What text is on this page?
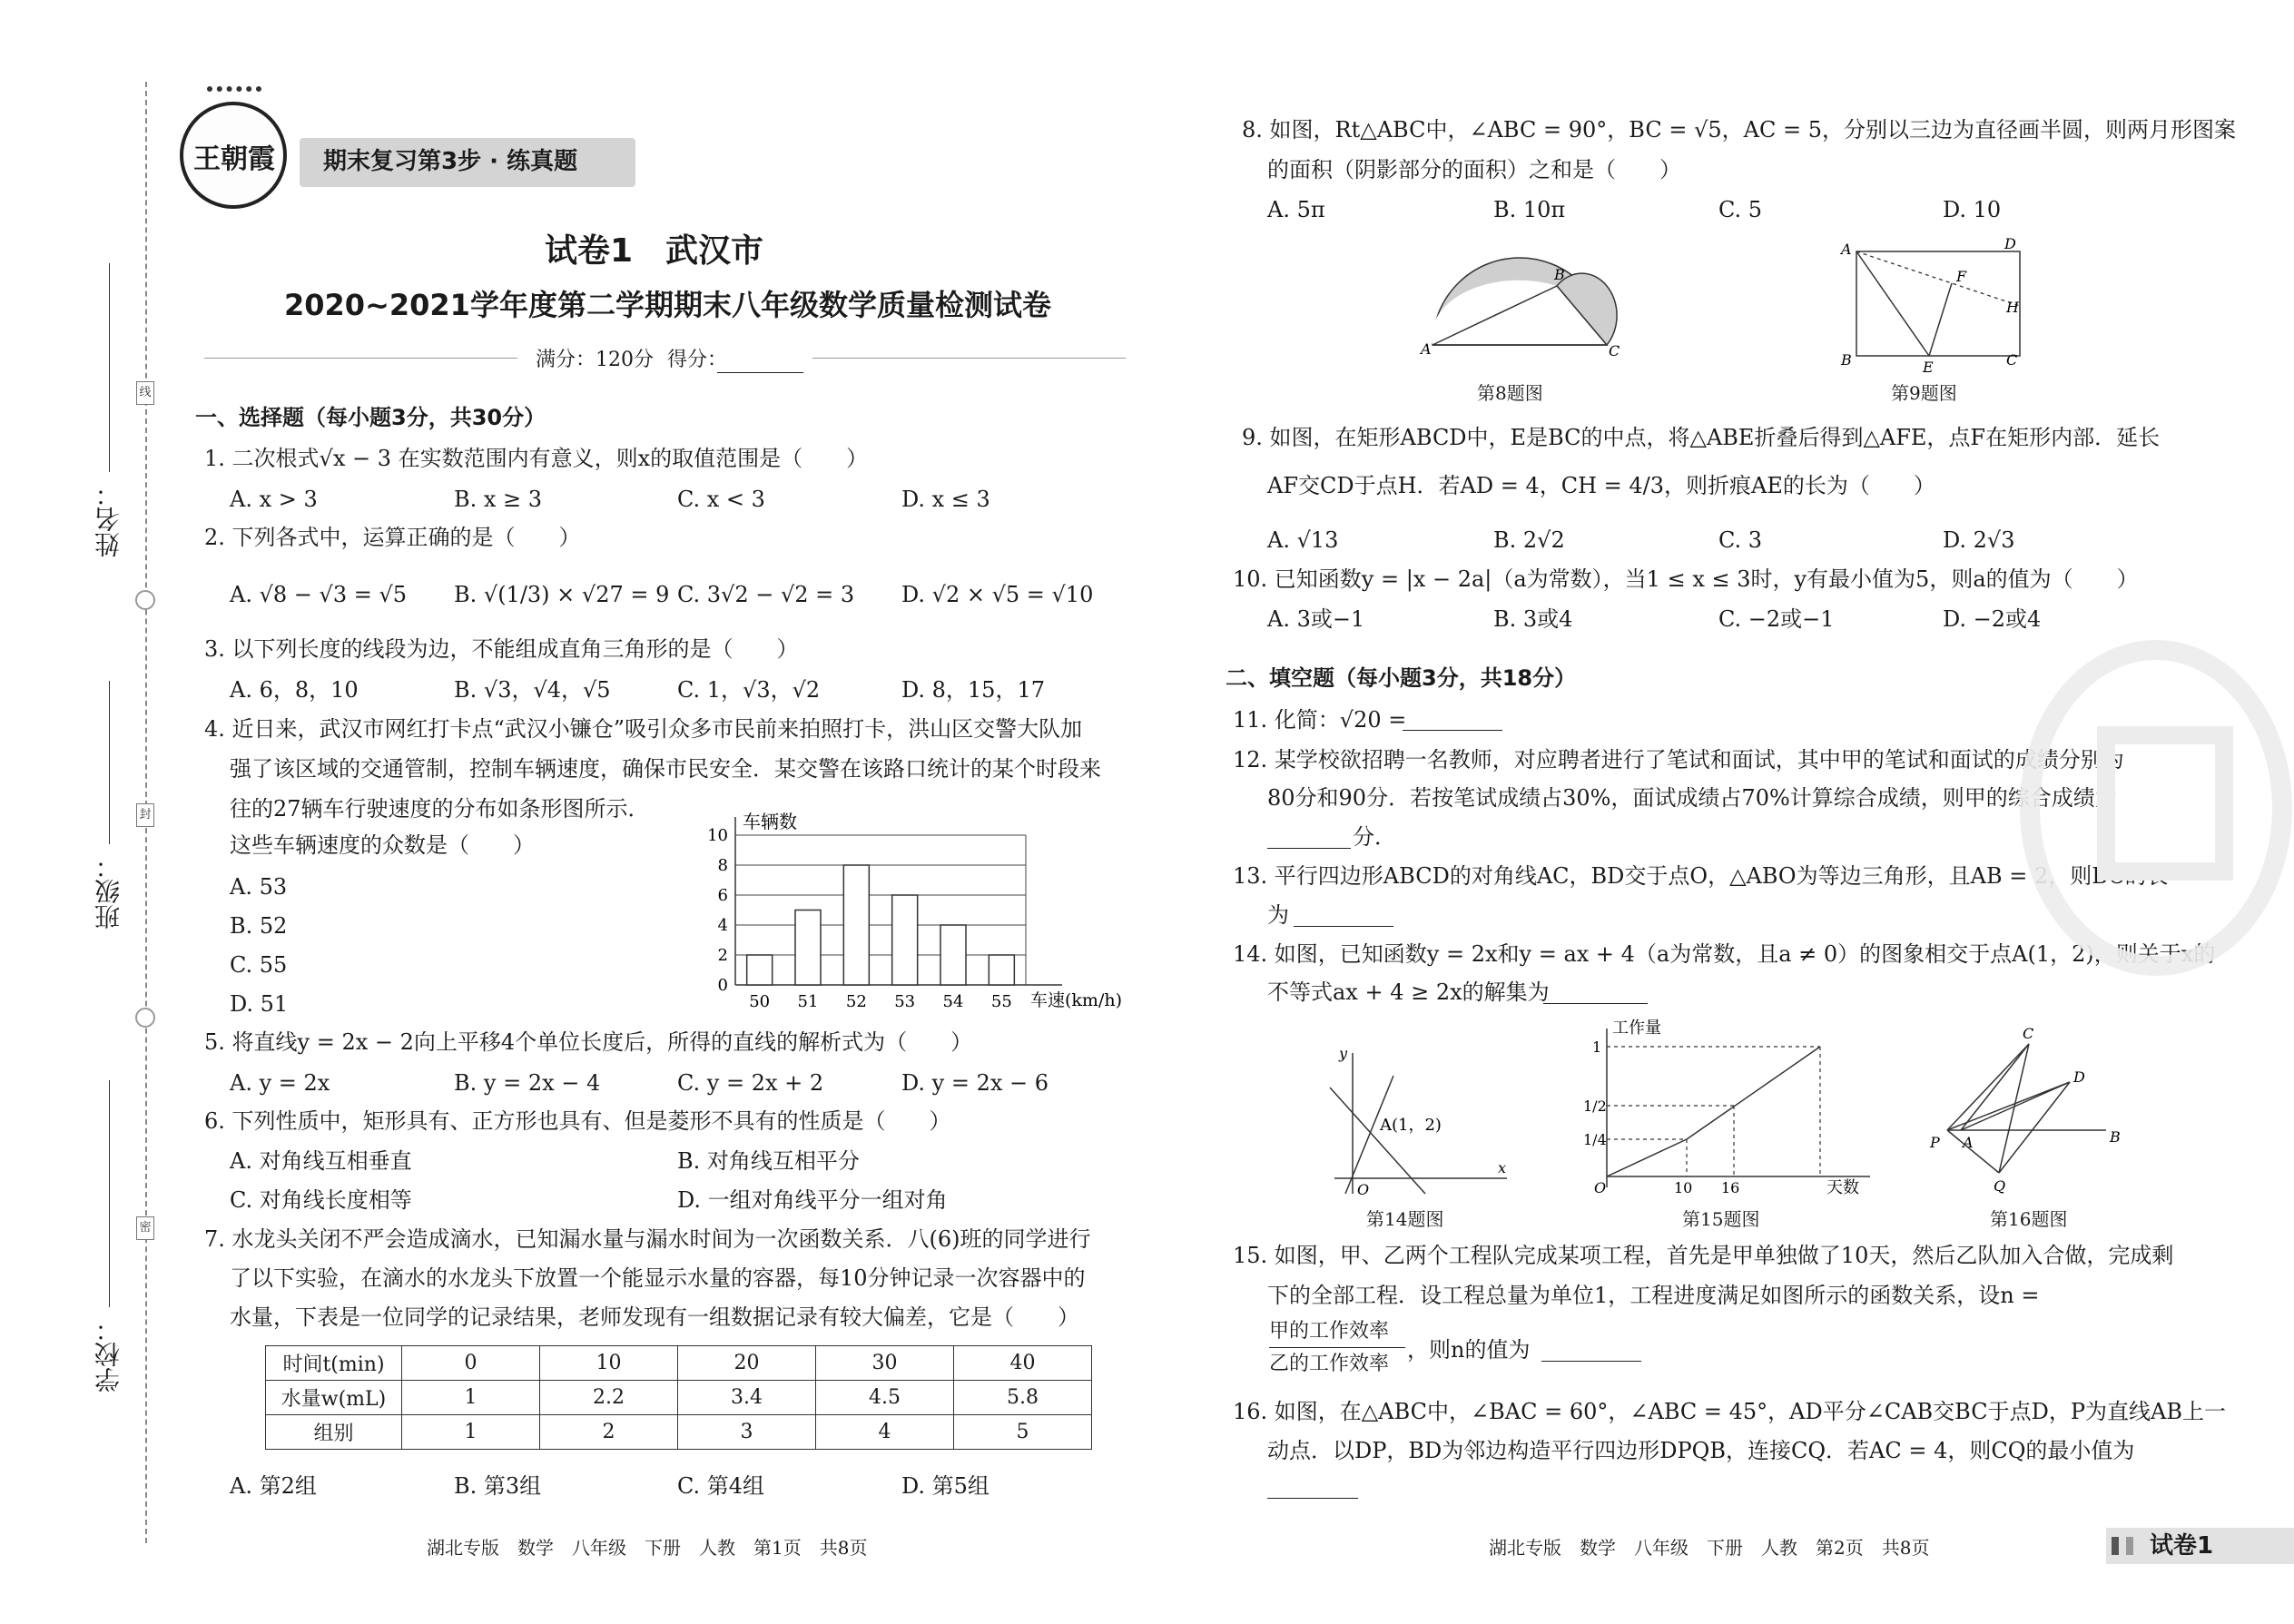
学校：
班级：
姓名：
线
封
密
王朝霞 期末复习第3步 · 练真题
试卷1　武汉市
2020~2021学年度第二学期期末八年级数学质量检测试卷
满分：120分 得分：
一、选择题（每小题3分，共30分）
1. 二次根式√x − 3 在实数范围内有意义，则x的取值范围是（　　）
A. x > 3	B. x ≥ 3	C. x < 3	D. x ≤ 3
2. 下列各式中，运算正确的是（　　）
A. √8 − √3 = √5 B. √(1/3) × √27 = 9 C. 3√2 − √2 = 3 D. √2 × √5 = √10
3. 以下列长度的线段为边，不能组成直角三角形的是（　　）
A. 6，8，10	B. √3，√4，√5	C. 1，√3，√2	D. 8，15，17
4. 近日来，武汉市网红打卡点“武汉小镰仓”吸引众多市民前来拍照打卡，洪山区交警大队加
强了该区域的交通管制，控制车辆速度，确保市民安全．某交警在该路口统计的某个时段来
往的27辆车行驶速度的分布如条形图所示．
这些车辆速度的众数是（　　）
A. 53
B. 52
C. 55
D. 51
车辆数
车速(km/h)
0
2
4
6
8
10
50 51 52 53 54 55
5. 将直线y = 2x − 2向上平移4个单位长度后，所得的直线的解析式为（　　）
A. y = 2x	B. y = 2x − 4	C. y = 2x + 2	D. y = 2x − 6
6. 下列性质中，矩形具有、正方形也具有、但是菱形不具有的性质是（　　）
A. 对角线互相垂直	B. 对角线互相平分
C. 对角线长度相等	D. 一组对角线平分一组对角
7. 水龙头关闭不严会造成滴水，已知漏水量与漏水时间为一次函数关系．八(6)班的同学进行
了以下实验，在滴水的水龙头下放置一个能显示水量的容器，每10分钟记录一次容器中的
水量，下表是一位同学的记录结果，老师发现有一组数据记录有较大偏差，它是（　　）
时间t(min)	0	10	20	30	40
水量w(mL)	1	2.2	3.4	4.5	5.8
组别	1	2	3	4	5
A. 第2组	B. 第3组	C. 第4组	D. 第5组
湖北专版　数学　八年级　下册　人教　第1页　共8页
8. 如图，Rt△ABC中，∠ABC = 90°，BC = √5，AC = 5，分别以三边为直径画半圆，则两月形图案
的面积（阴影部分的面积）之和是（　　）
A. 5π	B. 10π	C. 5	D. 10
A
B
C
第8题图
A	D
F
H
B	E	C
第9题图
9. 如图，在矩形ABCD中，E是BC的中点，将△ABE折叠后得到△AFE，点F在矩形内部．延长
AF交CD于点H．若AD = 4，CH = 4/3，则折痕AE的长为（　　）
A. √13	B. 2√2	C. 3	D. 2√3
10. 已知函数y = |x − 2a|（a为常数），当1 ≤ x ≤ 3时，y有最小值为5，则a的值为（　　）
A. 3或−1	B. 3或4	C. −2或−1	D. −2或4
二、填空题（每小题3分，共18分）
11. 化简：√20 =
12. 某学校欲招聘一名教师，对应聘者进行了笔试和面试，其中甲的笔试和面试的成绩分别为
80分和90分．若按笔试成绩占30%，面试成绩占70%计算综合成绩，则甲的综合成绩为
分．
13. 平行四边形ABCD的对角线AC，BD交于点O，△ABO为等边三角形，且AB = 2，则BC的长
为
14. 如图，已知函数y = 2x和y = ax + 4（a为常数，且a ≠ 0）的图象相交于点A(1，2)，则关于x的
不等式ax + 4 ≥ 2x的解集为
y
x
O
A(1，2)
第14题图
工作量
天数
1
1/2
1/4
O	10 16
第15题图
C
D
P A	B
Q
第16题图
15. 如图，甲、乙两个工程队完成某项工程，首先是甲单独做了10天，然后乙队加入合做，完成剩
下的全部工程．设工程总量为单位1，工程进度满足如图所示的函数关系，设n =
甲的工作效率
乙的工作效率
，则n的值为
16. 如图，在△ABC中，∠BAC = 60°，∠ABC = 45°，AD平分∠CAB交BC于点D，P为直线AB上一
动点．以DP，BD为邻边构造平行四边形DPQB，连接CQ．若AC = 4，则CQ的最小值为
湖北专版　数学　八年级　下册　人教　第2页　共8页	试卷1
